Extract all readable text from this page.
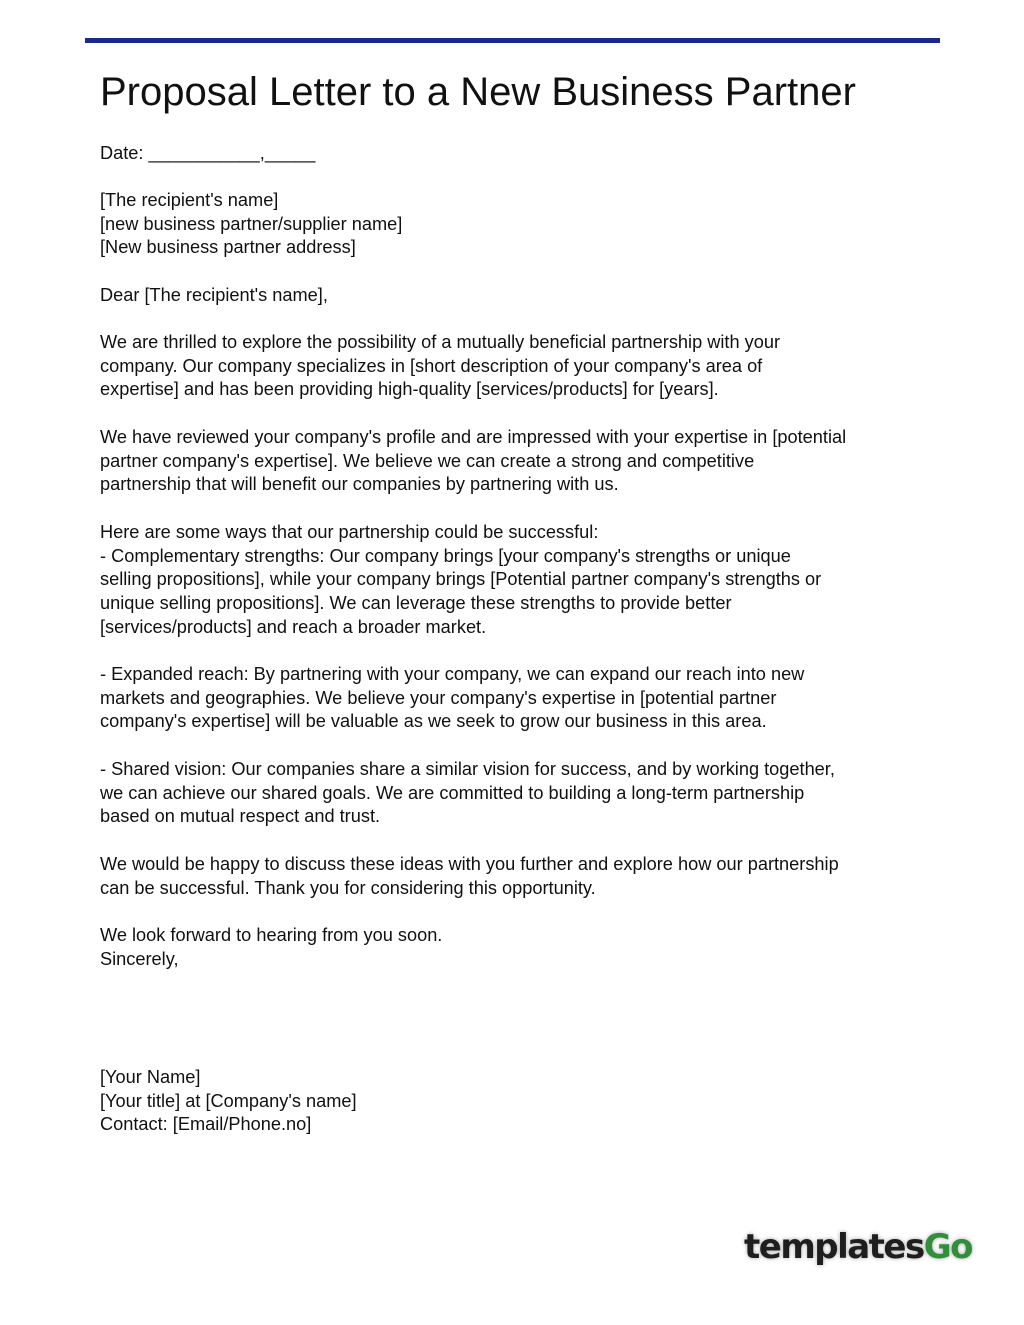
Proposal Letter to a New Business Partner

Date: ___________,_____

[The recipient's name]
[new business partner/supplier name]
[New business partner address]

Dear [The recipient's name],

We are thrilled to explore the possibility of a mutually beneficial partnership with your
company. Our company specializes in [short description of your company's area of
expertise] and has been providing high-quality [services/products] for [years].

We have reviewed your company's profile and are impressed with your expertise in [potential
partner company's expertise]. We believe we can create a strong and competitive
partnership that will benefit our companies by partnering with us.

Here are some ways that our partnership could be successful:
- Complementary strengths: Our company brings [your company's strengths or unique
selling propositions], while your company brings [Potential partner company's strengths or
unique selling propositions]. We can leverage these strengths to provide better
[services/products] and reach a broader market.

- Expanded reach: By partnering with your company, we can expand our reach into new
markets and geographies. We believe your company's expertise in [potential partner
company's expertise] will be valuable as we seek to grow our business in this area.

- Shared vision: Our companies share a similar vision for success, and by working together,
we can achieve our shared goals. We are committed to building a long-term partnership
based on mutual respect and trust.

We would be happy to discuss these ideas with you further and explore how our partnership
can be successful. Thank you for considering this opportunity.

We look forward to hearing from you soon.
Sincerely,

[Your Name]
[Your title] at [Company's name]
Contact: [Email/Phone.no]

templatesGo
